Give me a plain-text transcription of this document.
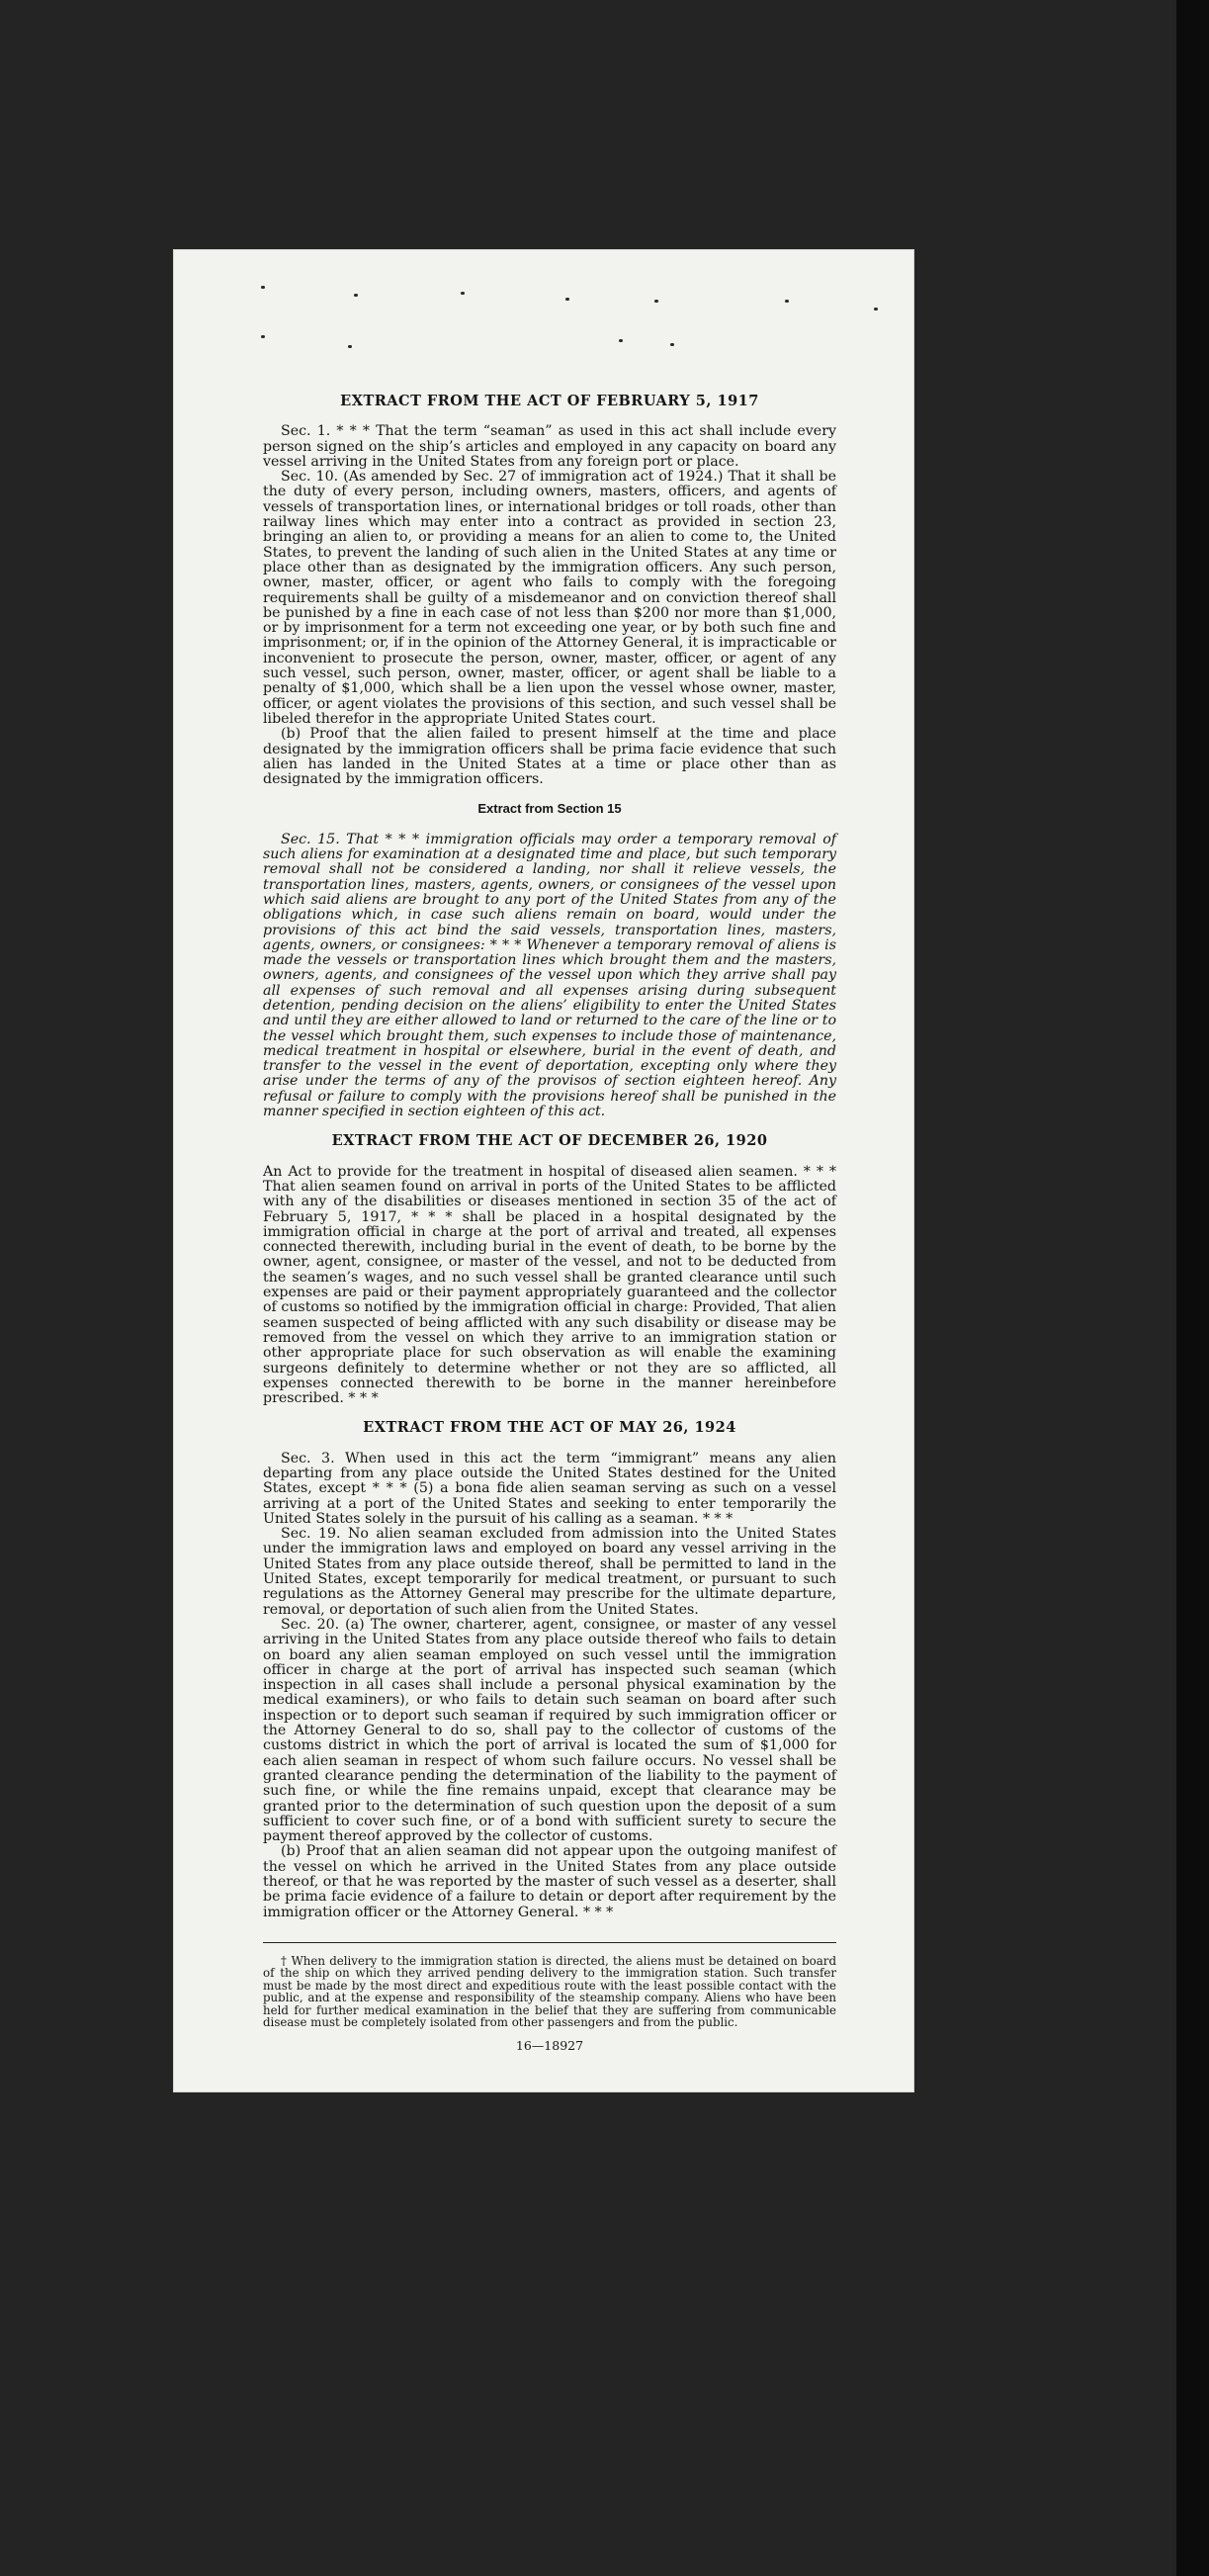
EXTRACT FROM THE ACT OF FEBRUARY 5, 1917

Sec. 1. * * * That the term “seaman” as used in this act shall include every person signed on the ship’s articles and employed in any capacity on board any vessel arriving in the United States from any foreign port or place.

Sec. 10. (As amended by Sec. 27 of immigration act of 1924.) That it shall be the duty of every person, including owners, masters, officers, and agents of vessels of transportation lines, or international bridges or toll roads, other than railway lines which may enter into a contract as provided in section 23, bringing an alien to, or providing a means for an alien to come to, the United States, to prevent the landing of such alien in the United States at any time or place other than as designated by the immigration officers. Any such person, owner, master, officer, or agent who fails to comply with the foregoing requirements shall be guilty of a misdemeanor and on conviction thereof shall be punished by a fine in each case of not less than $200 nor more than $1,000, or by imprisonment for a term not exceeding one year, or by both such fine and imprisonment; or, if in the opinion of the Attorney General, it is impracticable or inconvenient to prosecute the person, owner, master, officer, or agent of any such vessel, such person, owner, master, officer, or agent shall be liable to a penalty of $1,000, which shall be a lien upon the vessel whose owner, master, officer, or agent violates the provisions of this section, and such vessel shall be libeled therefor in the appropriate United States court.

(b) Proof that the alien failed to present himself at the time and place designated by the immigration officers shall be prima facie evidence that such alien has landed in the United States at a time or place other than as designated by the immigration officers.

Extract from Section 15

Sec. 15. That * * * immigration officials may order a temporary removal of such aliens for examination at a designated time and place, but such temporary removal shall not be considered a landing, nor shall it relieve vessels, the transportation lines, masters, agents, owners, or consignees of the vessel upon which said aliens are brought to any port of the United States from any of the obligations which, in case such aliens remain on board, would under the provisions of this act bind the said vessels, transportation lines, masters, agents, owners, or consignees: * * * Whenever a temporary removal of aliens is made the vessels or transportation lines which brought them and the masters, owners, agents, and consignees of the vessel upon which they arrive shall pay all expenses of such removal and all expenses arising during subsequent detention, pending decision on the aliens’ eligibility to enter the United States and until they are either allowed to land or returned to the care of the line or to the vessel which brought them, such expenses to include those of maintenance, medical treatment in hospital or elsewhere, burial in the event of death, and transfer to the vessel in the event of deportation, excepting only where they arise under the terms of any of the provisos of section eighteen hereof. Any refusal or failure to comply with the provisions hereof shall be punished in the manner specified in section eighteen of this act.

EXTRACT FROM THE ACT OF DECEMBER 26, 1920

An Act to provide for the treatment in hospital of diseased alien seamen. * * * That alien seamen found on arrival in ports of the United States to be afflicted with any of the disabilities or diseases mentioned in section 35 of the act of February 5, 1917, * * * shall be placed in a hospital designated by the immigration official in charge at the port of arrival and treated, all expenses connected therewith, including burial in the event of death, to be borne by the owner, agent, consignee, or master of the vessel, and not to be deducted from the seamen’s wages, and no such vessel shall be granted clearance until such expenses are paid or their payment appropriately guaranteed and the collector of customs so notified by the immigration official in charge: Provided, That alien seamen suspected of being afflicted with any such disability or disease may be removed from the vessel on which they arrive to an immigration station or other appropriate place for such observation as will enable the examining surgeons definitely to determine whether or not they are so afflicted, all expenses connected therewith to be borne in the manner hereinbefore prescribed. * * *

EXTRACT FROM THE ACT OF MAY 26, 1924

Sec. 3. When used in this act the term “immigrant” means any alien departing from any place outside the United States destined for the United States, except * * * (5) a bona fide alien seaman serving as such on a vessel arriving at a port of the United States and seeking to enter temporarily the United States solely in the pursuit of his calling as a seaman. * * *

Sec. 19. No alien seaman excluded from admission into the United States under the immigration laws and employed on board any vessel arriving in the United States from any place outside thereof, shall be permitted to land in the United States, except temporarily for medical treatment, or pursuant to such regulations as the Attorney General may prescribe for the ultimate departure, removal, or deportation of such alien from the United States.

Sec. 20. (a) The owner, charterer, agent, consignee, or master of any vessel arriving in the United States from any place outside thereof who fails to detain on board any alien seaman employed on such vessel until the immigration officer in charge at the port of arrival has inspected such seaman (which inspection in all cases shall include a personal physical examination by the medical examiners), or who fails to detain such seaman on board after such inspection or to deport such seaman if required by such immigration officer or the Attorney General to do so, shall pay to the collector of customs of the customs district in which the port of arrival is located the sum of $1,000 for each alien seaman in respect of whom such failure occurs. No vessel shall be granted clearance pending the determination of the liability to the payment of such fine, or while the fine remains unpaid, except that clearance may be granted prior to the determination of such question upon the deposit of a sum sufficient to cover such fine, or of a bond with sufficient surety to secure the payment thereof approved by the collector of customs.

(b) Proof that an alien seaman did not appear upon the outgoing manifest of the vessel on which he arrived in the United States from any place outside thereof, or that he was reported by the master of such vessel as a deserter, shall be prima facie evidence of a failure to detain or deport after requirement by the immigration officer or the Attorney General. * * *

† When delivery to the immigration station is directed, the aliens must be detained on board of the ship on which they arrived pending delivery to the immigration station. Such transfer must be made by the most direct and expeditious route with the least possible contact with the public, and at the expense and responsibility of the steamship company. Aliens who have been held for further medical examination in the belief that they are suffering from communicable disease must be completely isolated from other passengers and from the public.

16—18927
